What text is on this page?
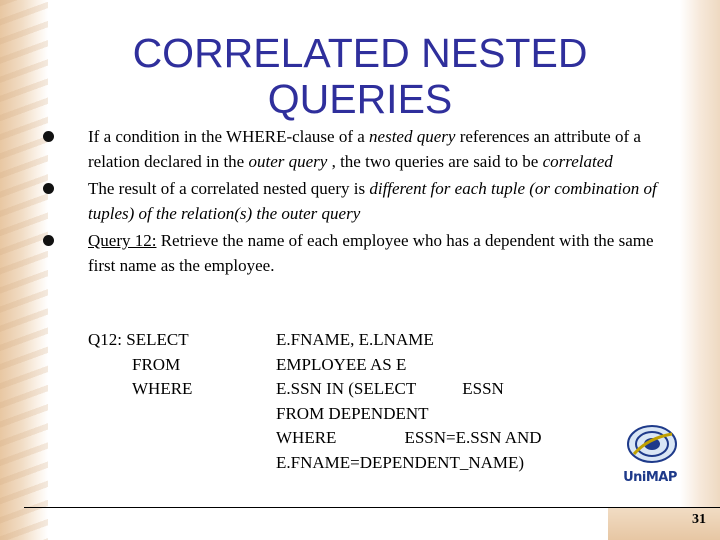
CORRELATED NESTED QUERIES
If a condition in the WHERE-clause of a nested query references an attribute of a relation declared in the outer query , the two queries are said to be correlated
The result of a correlated nested query is different for each tuple (or combination of tuples) of the relation(s) the outer query
Query 12: Retrieve the name of each employee who has a dependent with the same first name as the employee.
Q12: SELECT
FROM
WHERE
E.FNAME, E.LNAME
EMPLOYEE AS E
E.SSN IN (SELECT	ESSN
FROM DEPENDENT
WHERE	ESSN=E.SSN AND
E.FNAME=DEPENDENT_NAME)
UniMAP
31
